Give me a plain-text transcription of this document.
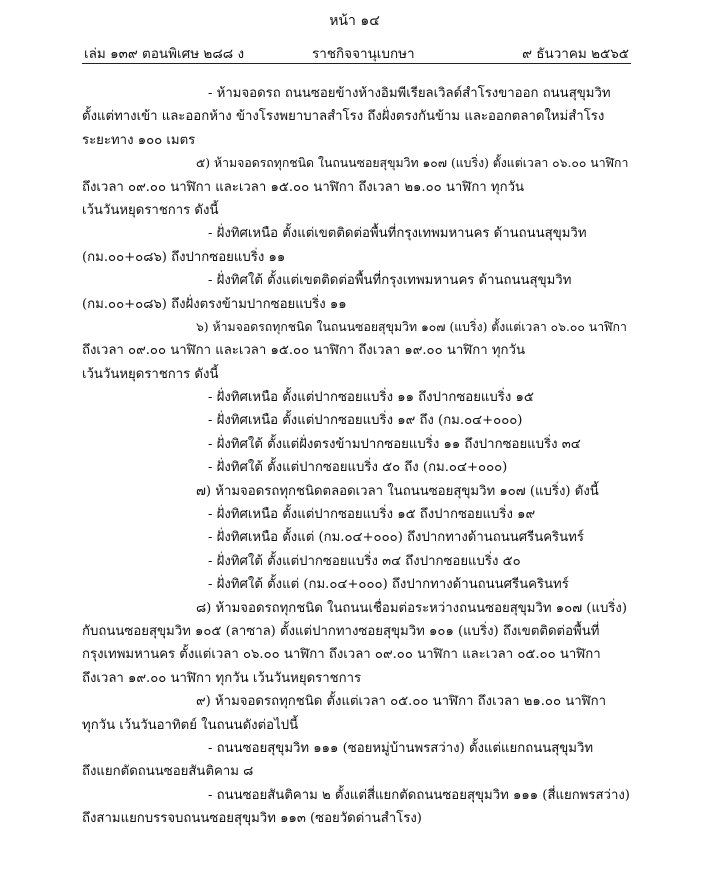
หน้า ๑๔
เล่ม ๑๓๙ ตอนพิเศษ ๒๘๘ ง	ราชกิจจานุเบกษา	๙ ธันวาคม ๒๕๖๕
- ห้ามจอดรถ ถนนซอยข้างห้างอิมพีเรียลเวิลด์สำโรงขาออก ถนนสุขุมวิท
ตั้งแต่ทางเข้า และออกห้าง ข้างโรงพยาบาลสำโรง ถึงฝั่งตรงกันข้าม และออกตลาดใหม่สำโรง
ระยะทาง ๑๐๐ เมตร
๕) ห้ามจอดรถทุกชนิด ในถนนซอยสุขุมวิท ๑๐๗ (แบริ่ง) ตั้งแต่เวลา ๐๖.๐๐ นาฬิกา
ถึงเวลา ๐๙.๐๐ นาฬิกา และเวลา ๑๕.๐๐ นาฬิกา ถึงเวลา ๒๑.๐๐ นาฬิกา ทุกวัน
เว้นวันหยุดราชการ ดังนี้
- ฝั่งทิศเหนือ ตั้งแต่เขตติดต่อพื้นที่กรุงเทพมหานคร ด้านถนนสุขุมวิท
(กม.๐๐+๐๘๖) ถึงปากซอยแบริ่ง ๑๑
- ฝั่งทิศใต้ ตั้งแต่เขตติดต่อพื้นที่กรุงเทพมหานคร ด้านถนนสุขุมวิท
(กม.๐๐+๐๘๖) ถึงฝั่งตรงข้ามปากซอยแบริ่ง ๑๑
๖) ห้ามจอดรถทุกชนิด ในถนนซอยสุขุมวิท ๑๐๗ (แบริ่ง) ตั้งแต่เวลา ๐๖.๐๐ นาฬิกา
ถึงเวลา ๐๙.๐๐ นาฬิกา และเวลา ๑๕.๐๐ นาฬิกา ถึงเวลา ๑๙.๐๐ นาฬิกา ทุกวัน
เว้นวันหยุดราชการ ดังนี้
- ฝั่งทิศเหนือ ตั้งแต่ปากซอยแบริ่ง ๑๑ ถึงปากซอยแบริ่ง ๑๕
- ฝั่งทิศเหนือ ตั้งแต่ปากซอยแบริ่ง ๑๙ ถึง (กม.๐๔+๐๐๐)
- ฝั่งทิศใต้ ตั้งแต่ฝั่งตรงข้ามปากซอยแบริ่ง ๑๑ ถึงปากซอยแบริ่ง ๓๔
- ฝั่งทิศใต้ ตั้งแต่ปากซอยแบริ่ง ๕๐ ถึง (กม.๐๔+๐๐๐)
๗) ห้ามจอดรถทุกชนิดตลอดเวลา ในถนนซอยสุขุมวิท ๑๐๗ (แบริ่ง) ดังนี้
- ฝั่งทิศเหนือ ตั้งแต่ปากซอยแบริ่ง ๑๕ ถึงปากซอยแบริ่ง ๑๙
- ฝั่งทิศเหนือ ตั้งแต่ (กม.๐๔+๐๐๐) ถึงปากทางด้านถนนศรีนครินทร์
- ฝั่งทิศใต้ ตั้งแต่ปากซอยแบริ่ง ๓๔ ถึงปากซอยแบริ่ง ๕๐
- ฝั่งทิศใต้ ตั้งแต่ (กม.๐๔+๐๐๐) ถึงปากทางด้านถนนศรีนครินทร์
๘) ห้ามจอดรถทุกชนิด ในถนนเชื่อมต่อระหว่างถนนซอยสุขุมวิท ๑๐๗ (แบริ่ง)
กับถนนซอยสุขุมวิท ๑๐๕ (ลาซาล) ตั้งแต่ปากทางซอยสุขุมวิท ๑๐๑ (แบริ่ง) ถึงเขตติดต่อพื้นที่
กรุงเทพมหานคร ตั้งแต่เวลา ๐๖.๐๐ นาฬิกา ถึงเวลา ๐๙.๐๐ นาฬิกา และเวลา ๐๕.๐๐ นาฬิกา
ถึงเวลา ๑๙.๐๐ นาฬิกา ทุกวัน เว้นวันหยุดราชการ
๙) ห้ามจอดรถทุกชนิด ตั้งแต่เวลา ๐๕.๐๐ นาฬิกา ถึงเวลา ๒๑.๐๐ นาฬิกา
ทุกวัน เว้นวันอาทิตย์ ในถนนดังต่อไปนี้
- ถนนซอยสุขุมวิท ๑๑๑ (ซอยหมู่บ้านพรสว่าง) ตั้งแต่แยกถนนสุขุมวิท
ถึงแยกตัดถนนซอยสันติคาม ๘
- ถนนซอยสันติคาม ๒ ตั้งแต่สี่แยกตัดถนนซอยสุขุมวิท ๑๑๑ (สี่แยกพรสว่าง)
ถึงสามแยกบรรจบถนนซอยสุขุมวิท ๑๑๓ (ซอยวัดด่านสำโรง)
